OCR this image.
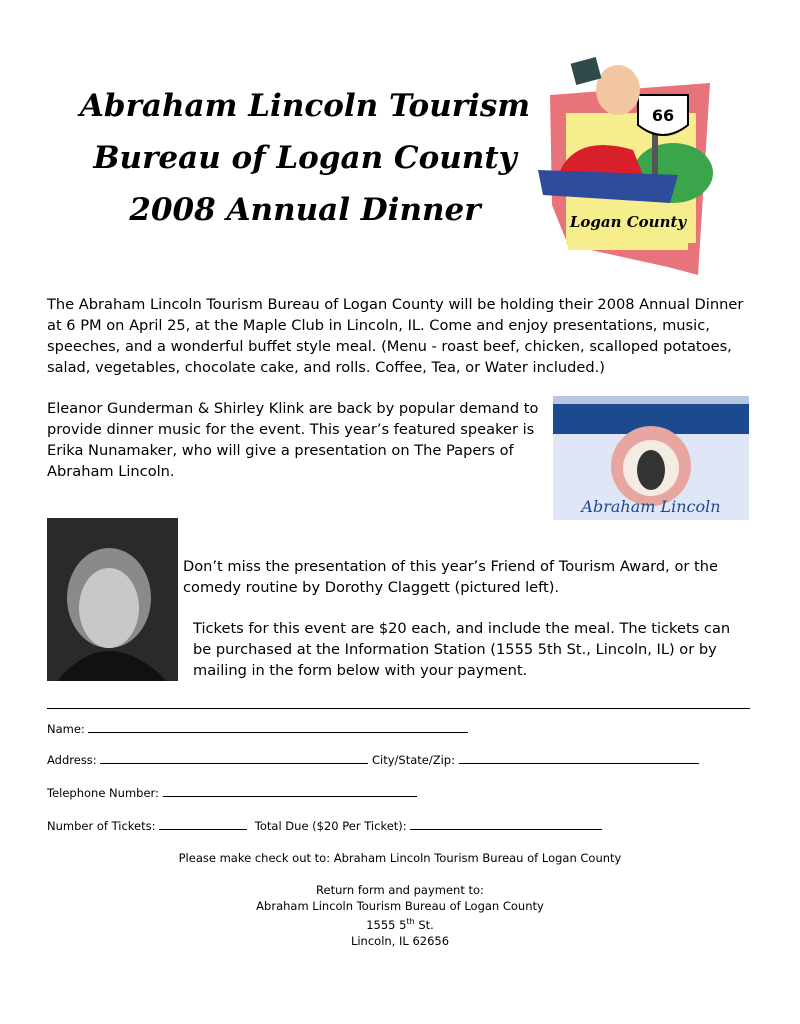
Abraham Lincoln Tourism
Bureau of Logan County
2008 Annual Dinner
66
Logan County

The Abraham Lincoln Tourism Bureau of Logan County will be holding their 2008 Annual Dinner at 6 PM on April 25, at the Maple Club in Lincoln, IL. Come and enjoy presentations, music, speeches, and a wonderful buffet style meal. (Menu - roast beef, chicken, scalloped potatoes, salad, vegetables, chocolate cake, and rolls. Coffee, Tea, or Water included.)

Eleanor Gunderman & Shirley Klink are back by popular demand to provide dinner music for the event. This year’s featured speaker is Erika Nunamaker, who will give a presentation on The Papers of Abraham Lincoln.

Abraham Lincoln

Don’t miss the presentation of this year’s Friend of Tourism Award, or the comedy routine by Dorothy Claggett (pictured left).

Tickets for this event are $20 each, and include the meal. The tickets can be purchased at the Information Station (1555 5th St., Lincoln, IL) or by mailing in the form below with your payment.

Name:
Address:	City/State/Zip:
Telephone Number:
Number of Tickets:	Total Due ($20 Per Ticket):
Please make check out to: Abraham Lincoln Tourism Bureau of Logan County
Return form and payment to:
Abraham Lincoln Tourism Bureau of Logan County
1555 5th St.
Lincoln, IL 62656
